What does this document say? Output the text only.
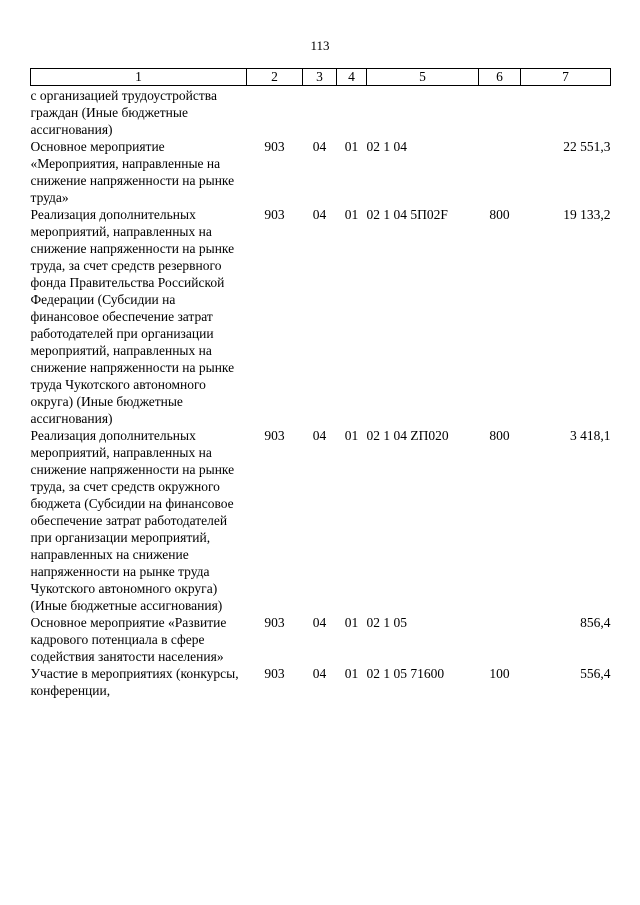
113
1	2	3	4	5	6	7
с организацией трудоустройства граждан (Иные бюджетные ассигнования)						
Основное мероприятие «Мероприятия, направленные на снижение напряженности на рынке труда»	903	04	01	02 1 04		22 551,3
Реализация дополнительных мероприятий, направленных на снижение напряженности на рынке труда, за счет средств резервного фонда Правительства Российской Федерации (Субсидии на финансовое обеспечение затрат работодателей при организации мероприятий, направленных на снижение напряженности на рынке труда Чукотского автономного округа) (Иные бюджетные ассигнования)	903	04	01	02 1 04 5П02F	800	19 133,2
Реализация дополнительных мероприятий, направленных на снижение напряженности на рынке труда, за счет средств окружного бюджета (Субсидии на финансовое обеспечение затрат работодателей при организации мероприятий, направленных на снижение напряженности на рынке труда Чукотского автономного округа) (Иные бюджетные ассигнования)	903	04	01	02 1 04 ZП020	800	3 418,1
Основное мероприятие «Развитие кадрового потенциала в сфере содействия занятости населения»	903	04	01	02 1 05		856,4
Участие в мероприятиях (конкурсы, конференции,	903	04	01	02 1 05 71600	100	556,4
